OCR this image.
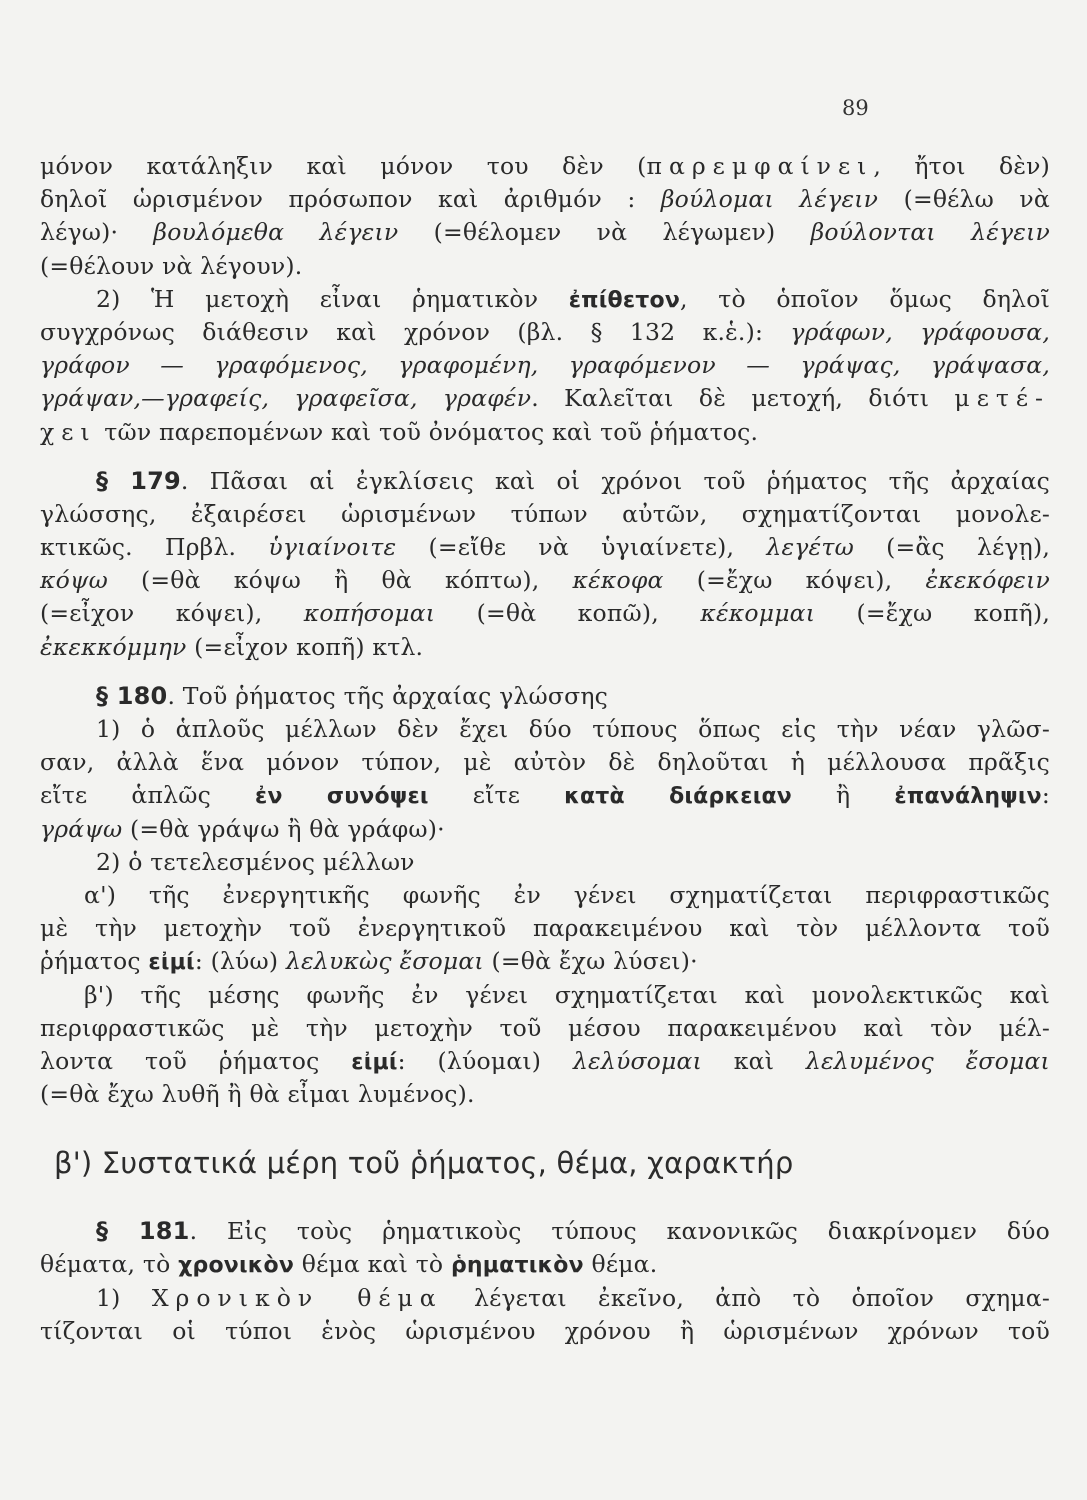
89
μόνον κατάληξιν καὶ μόνον του δὲν (παρεμφαίνει, ἤτοι δὲν)
δηλοῖ ὡρισμένον πρόσωπον καὶ ἀριθμόν : βούλομαι λέγειν (=θέλω νὰ
λέγω)· βουλόμεθα λέγειν (=θέλομεν νὰ λέγωμεν) βούλονται λέγειν
(=θέλουν νὰ λέγουν).
2) Ἡ μετοχὴ εἶναι ῥηματικὸν ἐπίθετον, τὸ ὁποῖον ὅμως δηλοῖ
συγχρόνως διάθεσιν καὶ χρόνον (βλ. § 132 κ.ἑ.): γράφων, γράφουσα,
γράφον — γραφόμενος, γραφομένη, γραφόμενον — γράψας, γράψασα,
γράψαν,—γραφείς, γραφεῖσα, γραφέν. Καλεῖται δὲ μετοχή, διότι μετέ-
χει τῶν παρεπομένων καὶ τοῦ ὀνόματος καὶ τοῦ ῥήματος.
§ 179. Πᾶσαι αἱ ἐγκλίσεις καὶ οἱ χρόνοι τοῦ ῥήματος τῆς ἀρχαίας
γλώσσης, ἐξαιρέσει ὡρισμένων τύπων αὐτῶν, σχηματίζονται μονολε-
κτικῶς. Πρβλ. ὑγιαίνοιτε (=εἴθε νὰ ὑγιαίνετε), λεγέτω (=ἂς λέγῃ),
κόψω (=θὰ κόψω ἢ θὰ κόπτω), κέκοφα (=ἔχω κόψει), ἐκεκόφειν
(=εἶχον κόψει), κοπήσομαι (=θὰ κοπῶ), κέκομμαι (=ἔχω κοπῆ),
ἐκεκκόμμην (=εἶχον κοπῆ) κτλ.
§ 180. Τοῦ ῥήματος τῆς ἀρχαίας γλώσσης
1) ὁ ἁπλοῦς μέλλων δὲν ἔχει δύο τύπους ὅπως εἰς τὴν νέαν γλῶσ-
σαν, ἀλλὰ ἕνα μόνον τύπον, μὲ αὐτὸν δὲ δηλοῦται ἡ μέλλουσα πρᾶξις
εἴτε ἁπλῶς ἐν συνόψει εἴτε κατὰ διάρκειαν ἢ ἐπανάληψιν:
γράψω (=θὰ γράψω ἢ θὰ γράφω)·
2) ὁ τετελεσμένος μέλλων
α') τῆς ἐνεργητικῆς φωνῆς ἐν γένει σχηματίζεται περιφραστικῶς
μὲ τὴν μετοχὴν τοῦ ἐνεργητικοῦ παρακειμένου καὶ τὸν μέλλοντα τοῦ
ῥήματος εἰμί: (λύω) λελυκὼς ἔσομαι (=θὰ ἔχω λύσει)·
β') τῆς μέσης φωνῆς ἐν γένει σχηματίζεται καὶ μονολεκτικῶς καὶ
περιφραστικῶς μὲ τὴν μετοχὴν τοῦ μέσου παρακειμένου καὶ τὸν μέλ-
λοντα τοῦ ῥήματος εἰμί: (λύομαι) λελύσομαι καὶ λελυμένος ἔσομαι
(=θὰ ἔχω λυθῆ ἢ θὰ εἶμαι λυμένος).
β') Συστατικά μέρη τοῦ ῥήματος, θέμα, χαρακτήρ
§ 181. Εἰς τοὺς ῥηματικοὺς τύπους κανονικῶς διακρίνομεν δύο
θέματα, τὸ χρονικὸν θέμα καὶ τὸ ῥηματικὸν θέμα.
1) Χρονικὸν θέμα λέγεται ἐκεῖνο, ἀπὸ τὸ ὁποῖον σχημα-
τίζονται οἱ τύποι ἑνὸς ὡρισμένου χρόνου ἢ ὡρισμένων χρόνων τοῦ
